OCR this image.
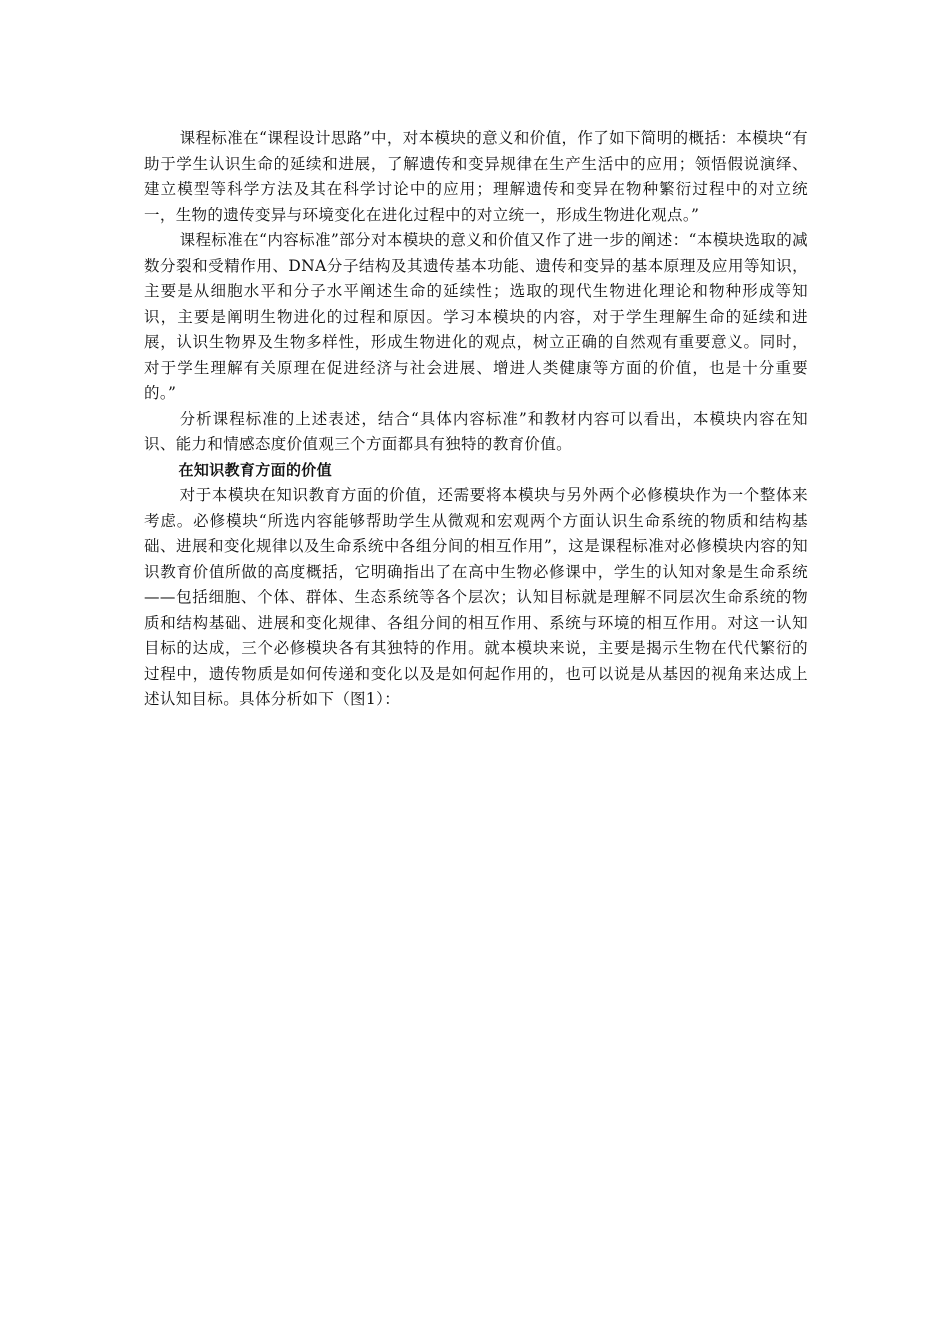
课程标准在“课程设计思路”中，对本模块的意义和价值，作了如下简明的概括：本模块“有助于学生认识生命的延续和进展，了解遗传和变异规律在生产生活中的应用；领悟假说演绎、建立模型等科学方法及其在科学讨论中的应用；理解遗传和变异在物种繁衍过程中的对立统一，生物的遗传变异与环境变化在进化过程中的对立统一，形成生物进化观点。”

课程标准在“内容标准”部分对本模块的意义和价值又作了进一步的阐述：“本模块选取的减数分裂和受精作用、DNA分子结构及其遗传基本功能、遗传和变异的基本原理及应用等知识，主要是从细胞水平和分子水平阐述生命的延续性；选取的现代生物进化理论和物种形成等知识，主要是阐明生物进化的过程和原因。学习本模块的内容，对于学生理解生命的延续和进展，认识生物界及生物多样性，形成生物进化的观点，树立正确的自然观有重要意义。同时，对于学生理解有关原理在促进经济与社会进展、增进人类健康等方面的价值，也是十分重要的。”

分析课程标准的上述表述，结合“具体内容标准”和教材内容可以看出，本模块内容在知识、能力和情感态度价值观三个方面都具有独特的教育价值。

在知识教育方面的价值

对于本模块在知识教育方面的价值，还需要将本模块与另外两个必修模块作为一个整体来考虑。必修模块“所选内容能够帮助学生从微观和宏观两个方面认识生命系统的物质和结构基础、进展和变化规律以及生命系统中各组分间的相互作用”，这是课程标准对必修模块内容的知识教育价值所做的高度概括，它明确指出了在高中生物必修课中，学生的认知对象是生命系统——包括细胞、个体、群体、生态系统等各个层次；认知目标就是理解不同层次生命系统的物质和结构基础、进展和变化规律、各组分间的相互作用、系统与环境的相互作用。对这一认知目标的达成，三个必修模块各有其独特的作用。就本模块来说，主要是揭示生物在代代繁衍的过程中，遗传物质是如何传递和变化以及是如何起作用的，也可以说是从基因的视角来达成上述认知目标。具体分析如下（图1）：
